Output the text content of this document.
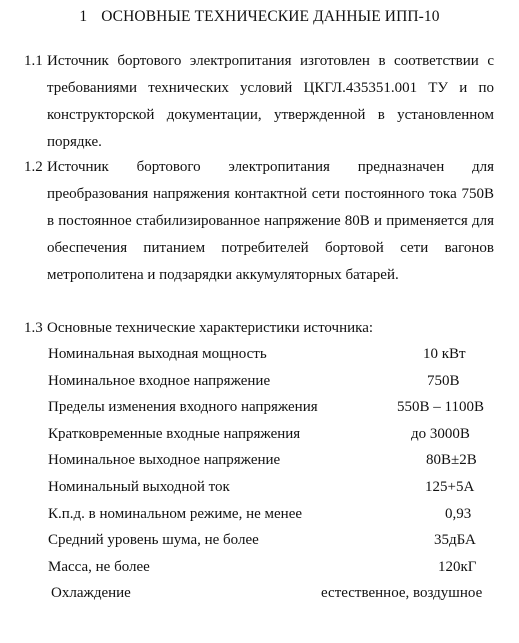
1 ОСНОВНЫЕ ТЕХНИЧЕСКИЕ ДАННЫЕ ИПП-10
1.1 Источник бортового электропитания изготовлен в соответствии с требованиями технических условий ЦКГЛ.435351.001 ТУ и по конструкторской документации, утвержденной в установленном порядке.
1.2 Источник бортового электропитания предназначен для преобразования напряжения контактной сети постоянного тока 750В в постоянное стабилизированное напряжение 80В и применяется для обеспечения питанием потребителей бортовой сети вагонов метрополитена и подзарядки аккумуляторных батарей.
1.3 Основные технические характеристики источника:
Номинальная выходная мощность	10 кВт
Номинальное входное напряжение	750В
Пределы изменения входного напряжения	550В – 1100В
Кратковременные входные напряжения	до 3000В
Номинальное выходное напряжение	80В±2В
Номинальный выходной ток	125+5А
К.п.д. в номинальном режиме, не менее	0,93
Средний уровень шума, не более	35дБА
Масса, не более	120кГ
Охлаждение	естественное, воздушное
